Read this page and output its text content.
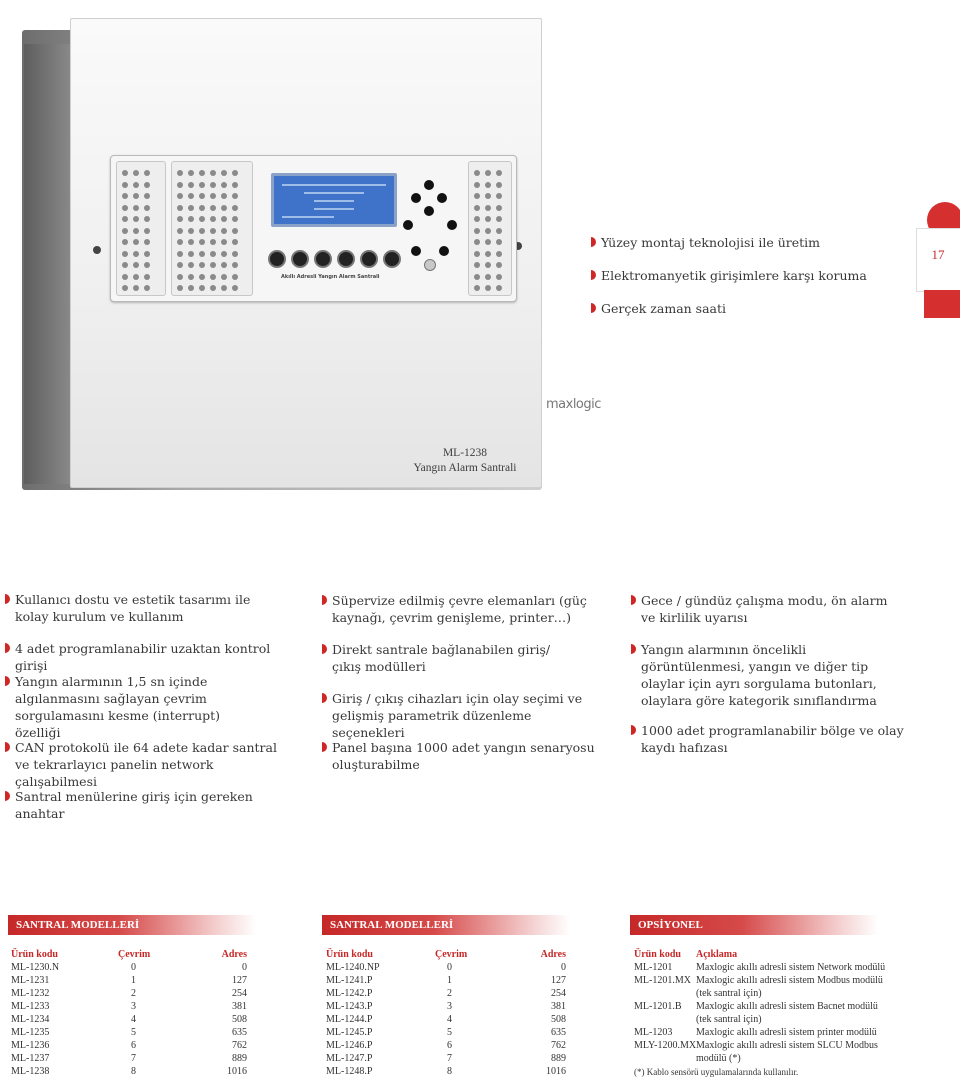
maxlogic
Akıllı Adresli Yangın Alarm Santrali
ML-1238
Yangın Alarm Santrali
17
Yüzey montaj teknolojisi ile üretim
Elektromanyetik girişimlere karşı koruma
Gerçek zaman saati
Kullanıcı dostu ve estetik tasarımı ile kolay kurulum ve kullanım
4 adet programlanabilir uzaktan kontrol girişi
Yangın alarmının 1,5 sn içinde algılanmasını sağlayan çevrim sorgulamasını kesme (interrupt) özelliği
CAN protokolü ile 64 adete kadar santral ve tekrarlayıcı panelin network çalışabilmesi
Santral menülerine giriş için gereken anahtar
Süpervize edilmiş çevre elemanları (güç kaynağı, çevrim genişleme, printer…)
Direkt santrale bağlanabilen giriş/ çıkış modülleri
Giriş / çıkış cihazları için olay seçimi ve gelişmiş parametrik düzenleme seçenekleri
Panel başına 1000 adet yangın senaryosu oluşturabilme
Gece / gündüz çalışma modu, ön alarm ve kirlilik uyarısı
Yangın alarmının öncelikli görüntülenmesi, yangın ve diğer tip olaylar için ayrı sorgulama butonları, olaylara göre kategorik sınıflandırma
1000 adet programlanabilir bölge ve olay kaydı hafızası
SANTRAL MODELLERİ
Ürün kodu	Çevrim	Adres
ML-1230.N	0	0
ML-1231	1	127
ML-1232	2	254
ML-1233	3	381
ML-1234	4	508
ML-1235	5	635
ML-1236	6	762
ML-1237	7	889
ML-1238	8	1016
SANTRAL MODELLERİ
Ürün kodu	Çevrim	Adres
ML-1240.NP	0	0
ML-1241.P	1	127
ML-1242.P	2	254
ML-1243.P	3	381
ML-1244.P	4	508
ML-1245.P	5	635
ML-1246.P	6	762
ML-1247.P	7	889
ML-1248.P	8	1016
OPSİYONEL
Ürün kodu Açıklama
ML-1201 Maxlogic akıllı adresli sistem Network modülü
ML-1201.MX Maxlogic akıllı adresli sistem Modbus modülü
(tek santral için)
ML-1201.B Maxlogic akıllı adresli sistem Bacnet modülü
(tek santral için)
ML-1203 Maxlogic akıllı adresli sistem printer modülü
MLY-1200.MX Maxlogic akıllı adresli sistem SLCU Modbus
modülü (*)
(*) Kablo sensörü uygulamalarında kullanılır.
